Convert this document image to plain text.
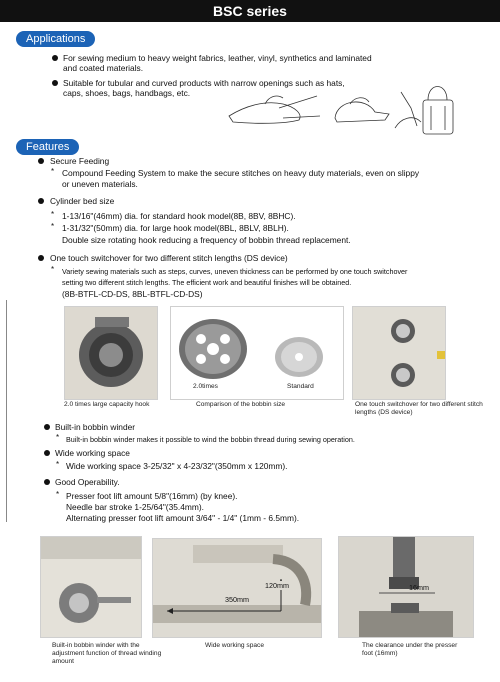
BSC series
Applications
For sewing medium to heavy weight fabrics, leather, vinyl, synthetics and laminated
and coated materials.
Suitable for tubular and curved products with narrow openings such as hats,
caps, shoes, bags, handbags, etc.
Features
Secure Feeding
* Compound Feeding System to make the secure stitches on heavy duty materials, even on slippy
or uneven materials.
Cylinder bed size
* 1-13/16"(46mm) dia. for standard hook model(8B, 8BV, 8BHC).
* 1-31/32"(50mm) dia. for large hook model(8BL, 8BLV, 8BLH).
Double size rotating hook reducing a frequency of bobbin thread replacement.
One touch switchover for two different stitch lengths (DS device)
* Variety sewing materials such as steps, curves, uneven thickness can be performed by one touch switchover
setting two different stitch lengths. The efficient work and beautiful finishes will be obtained.
(8B-BTFL-CD-DS, 8BL-BTFL-CD-DS)
2.0 times large capacity hook
2.0times	Standard
Comparison of the bobbin size	One touch switchover for two different stitch lengths (DS device)
Built-in bobbin winder
* Built-in bobbin winder makes it possible to wind the bobbin thread during sewing operation.
Wide working space
* Wide working space 3-25/32" x 4-23/32"(350mm x 120mm).
Good Operability.
* Presser foot lift amount 5/8"(16mm) (by knee).
Needle bar stroke 1-25/64"(35.4mm).
Alternating presser foot lift amount 3/64" - 1/4" (1mm - 6.5mm).
Built-in bobbin winder with the adjustment function of thread winding amount
350mm
120mm
Wide working space
16mm
The clearance under the presser foot (16mm)
